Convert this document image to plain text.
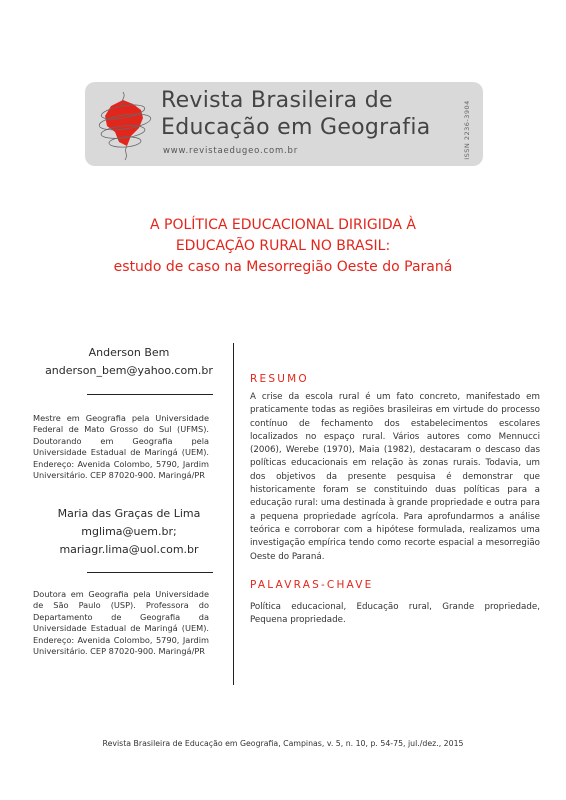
Revista Brasileira de
Educação em Geografia
www.revistaedugeo.com.br	ISSN 2236-3904
A POLÍTICA EDUCACIONAL DIRIGIDA À
EDUCAÇÃO RURAL NO BRASIL:
estudo de caso na Mesorregião Oeste do Paraná
Anderson Bem
anderson_bem@yahoo.com.br
Mestre em Geografia pela Universidade Federal de Mato Grosso do Sul (UFMS). Doutorando em Geografia pela Universidade Estadual de Maringá (UEM). Endereço: Avenida Colombo, 5790, Jardim Universitário. CEP 87020-900. Maringá/PR
Maria das Graças de Lima
mglima@uem.br;
mariagr.lima@uol.com.br
Doutora em Geografia pela Universidade de São Paulo (USP). Professora do Departamento de Geografia da Universidade Estadual de Maringá (UEM). Endereço: Avenida Colombo, 5790, Jardim Universitário. CEP 87020-900. Maringá/PR
RESUMO
A crise da escola rural é um fato concreto, manifestado em praticamente todas as regiões brasileiras em virtude do processo contínuo de fechamento dos estabelecimentos escolares localizados no espaço rural. Vários autores como Mennucci (2006), Werebe (1970), Maia (1982), destacaram o descaso das políticas educacionais em relação às zonas rurais. Todavia, um dos objetivos da presente pesquisa é demonstrar que historicamente foram se constituindo duas políticas para a educação rural: uma destinada à grande propriedade e outra para a pequena propriedade agrícola. Para aprofundarmos a análise teórica e corroborar com a hipótese formulada, realizamos uma investigação empírica tendo como recorte espacial a mesorregião Oeste do Paraná.
PALAVRAS-CHAVE
Política educacional, Educação rural, Grande propriedade, Pequena propriedade.
Revista Brasileira de Educação em Geografia, Campinas, v. 5, n. 10, p. 54-75, jul./dez., 2015
